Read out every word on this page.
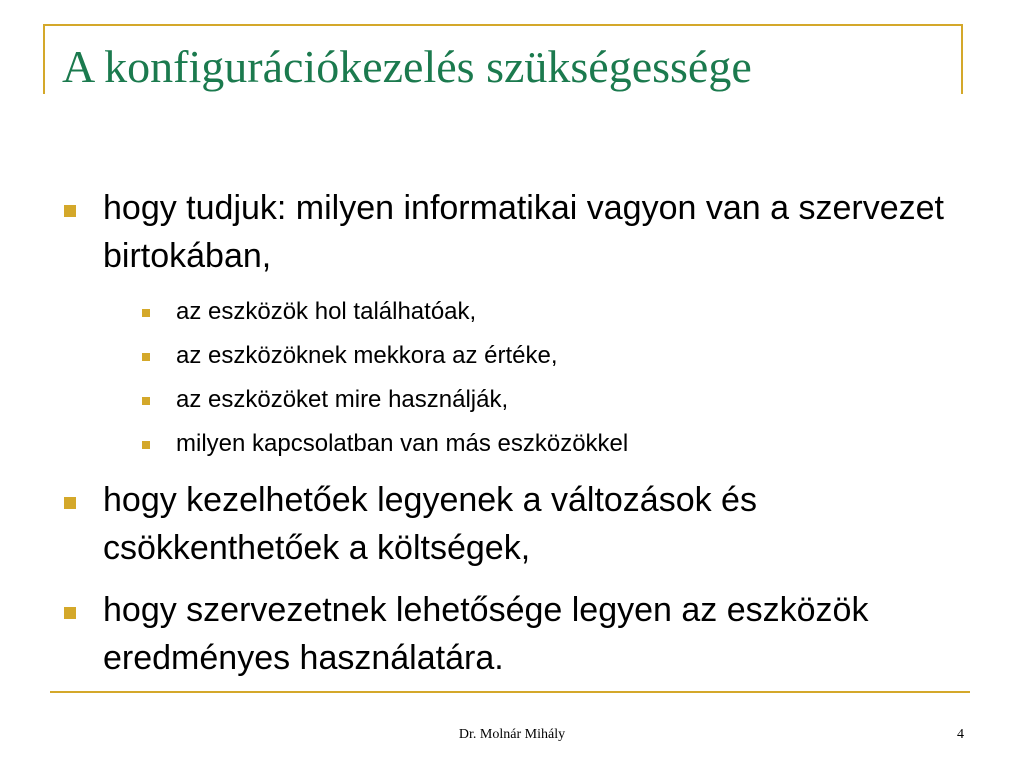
A konfigurációkezelés szükségessége
hogy tudjuk: milyen informatikai vagyon van a szervezet birtokában,
az eszközök hol találhatóak,
az eszközöknek mekkora az értéke,
az eszközöket mire használják,
milyen kapcsolatban van más eszközökkel
hogy kezelhetőek legyenek a változások és csökkenthetőek a költségek,
hogy szervezetnek lehetősége legyen az eszközök eredményes használatára.
Dr. Molnár Mihály	4
